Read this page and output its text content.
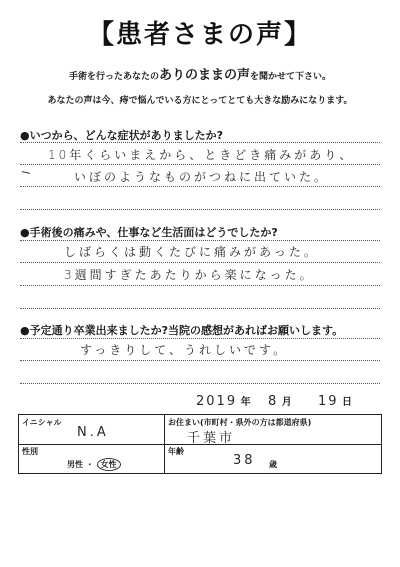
【患者さまの声】
手術を行ったあなたのありのままの声を聞かせて下さい。
あなたの声は今、痔で悩んでいる方にとってとても大きな励みになります。
●いつから、どんな症状がありましたか?
10年くらいまえから、ときどき痛みがあり、
いぼのようなものがつねに出ていた。
●手術後の痛みや、仕事など生活面はどうでしたか?
しばらくは動くたびに痛みがあった。
3週間すぎたあたりから楽になった。
●予定通り卒業出来ましたか?当院の感想があればお願いします。
すっきりして、うれしいです。
2019 年 8 月 19 日
イニシャル
N.A
お住まい(市町村・県外の方は都道府県)
千葉市
性別
男性 ・ 女性
年齢
38 歳
